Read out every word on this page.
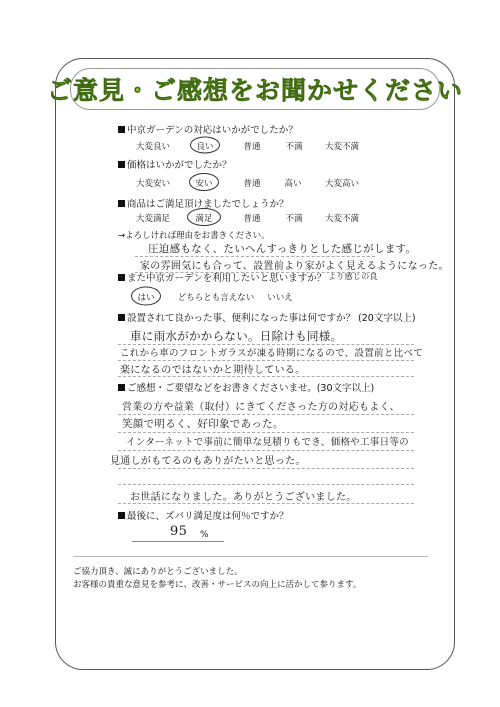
ご意見・ご感想をお聞かせください
中京ガーデンの対応はいかがでしたか？
大変良い	良い	普通	不満	大変不満
価格はいかがでしたか？
大変安い	安い	普通	高い	大変高い
商品はご満足頂けましたでしょうか？
大変満足	満足	普通	不満	大変不満
→よろしければ理由をお書きください。
圧迫感もなく、たいへんすっきりとした感じがします。
家の雰囲気にも合って、設置前より家がよく見えるようになった。
より感じの良
また中京ガーデンを利用したいと思いますか？
はい	どちらとも言えない いいえ
設置されて良かった事、便利になった事は何ですか？ (20文字以上)
車に雨水がかからない。日除けも同様。
これから車のフロントガラスが凍る時期になるので、設置前と比べて
楽になるのではないかと期待している。
ご感想・ご要望などをお書きくださいませ。(30文字以上)
営業の方や益業（取付）にきてくださった方の対応もよく、
笑顔で明るく、好印象であった。
インターネットで事前に簡単な見積りもでき、価格や工事日等の
見通しがもてるのもありがたいと思った。
お世話になりました。ありがとうございました。
最後に、ズバリ満足度は何％ですか？
95 %
ご協力頂き、誠にありがとうございました。
お客様の貴重な意見を参考に、改善・サービスの向上に活かして参ります。
